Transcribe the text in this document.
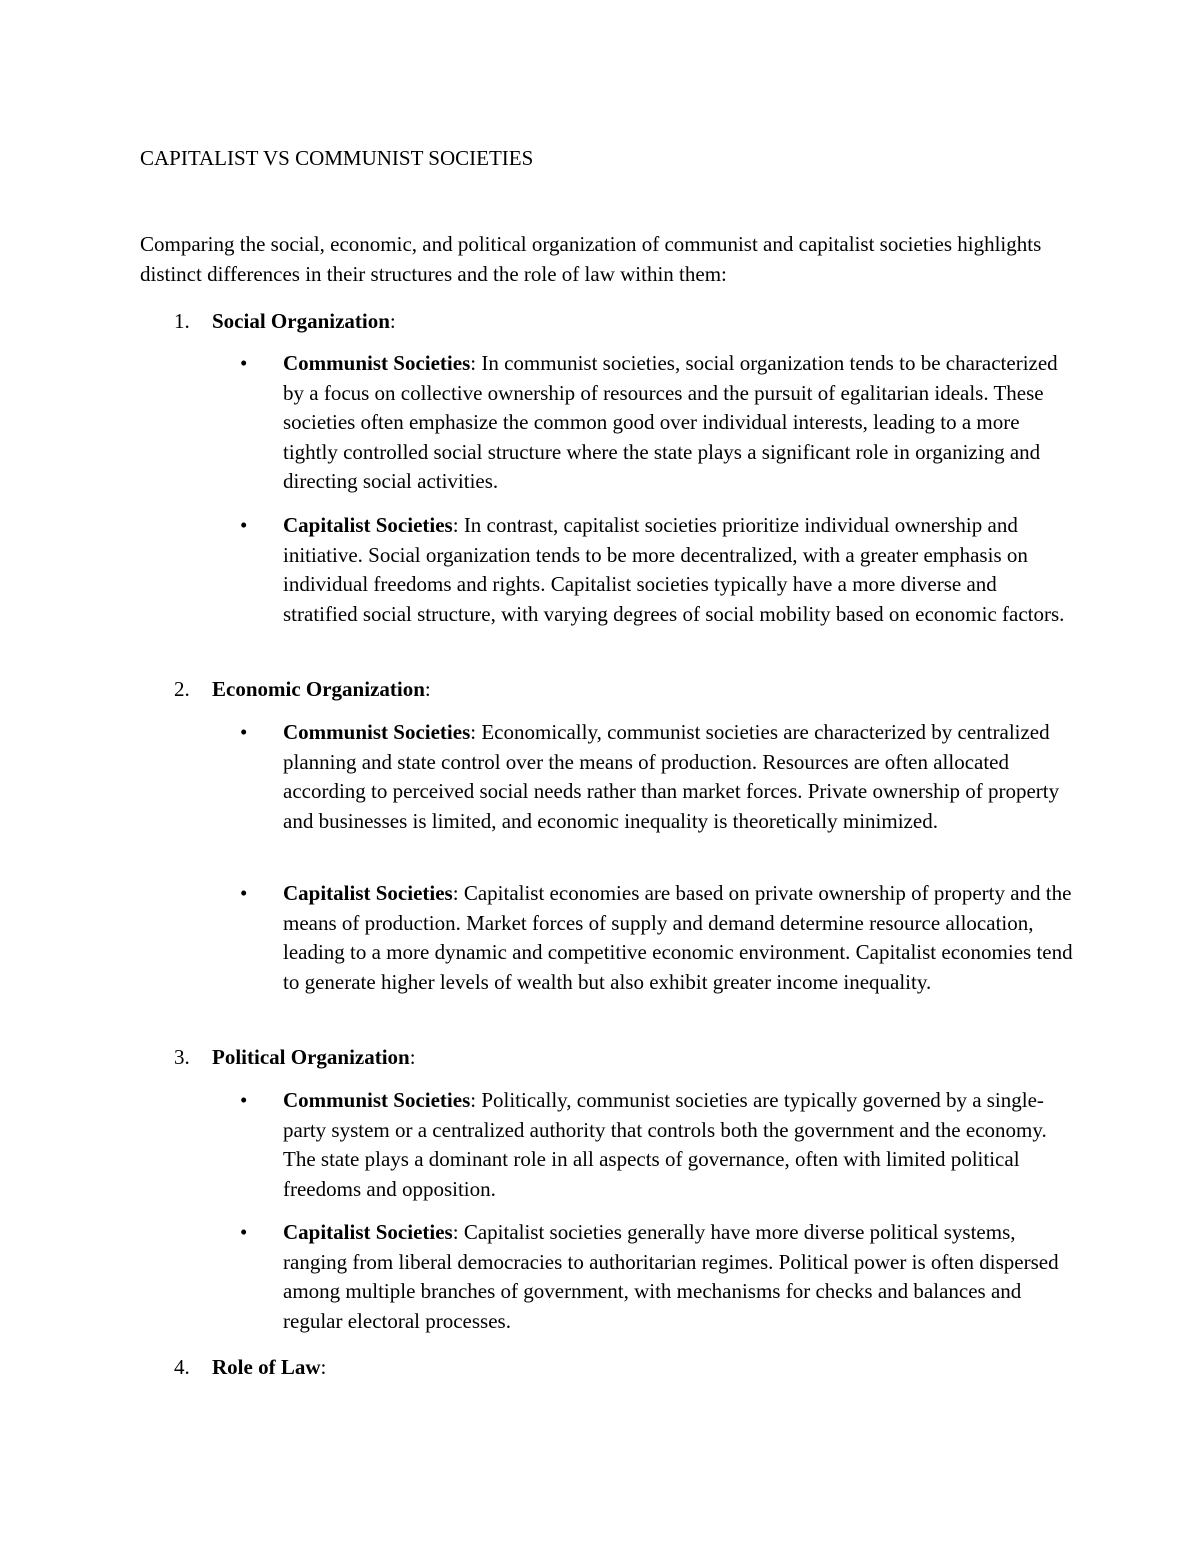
CAPITALIST VS COMMUNIST SOCIETIES

Comparing the social, economic, and political organization of communist and capitalist societies highlights distinct differences in their structures and the role of law within them:

1. Social Organization:
• Communist Societies: In communist societies, social organization tends to be characterized by a focus on collective ownership of resources and the pursuit of egalitarian ideals. These societies often emphasize the common good over individual interests, leading to a more tightly controlled social structure where the state plays a significant role in organizing and directing social activities.
• Capitalist Societies: In contrast, capitalist societies prioritize individual ownership and initiative. Social organization tends to be more decentralized, with a greater emphasis on individual freedoms and rights. Capitalist societies typically have a more diverse and stratified social structure, with varying degrees of social mobility based on economic factors.
2. Economic Organization:
• Communist Societies: Economically, communist societies are characterized by centralized planning and state control over the means of production. Resources are often allocated according to perceived social needs rather than market forces. Private ownership of property and businesses is limited, and economic inequality is theoretically minimized.
• Capitalist Societies: Capitalist economies are based on private ownership of property and the means of production. Market forces of supply and demand determine resource allocation, leading to a more dynamic and competitive economic environment. Capitalist economies tend to generate higher levels of wealth but also exhibit greater income inequality.
3. Political Organization:
• Communist Societies: Politically, communist societies are typically governed by a single-party system or a centralized authority that controls both the government and the economy. The state plays a dominant role in all aspects of governance, often with limited political freedoms and opposition.
• Capitalist Societies: Capitalist societies generally have more diverse political systems, ranging from liberal democracies to authoritarian regimes. Political power is often dispersed among multiple branches of government, with mechanisms for checks and balances and regular electoral processes.
4. Role of Law:
